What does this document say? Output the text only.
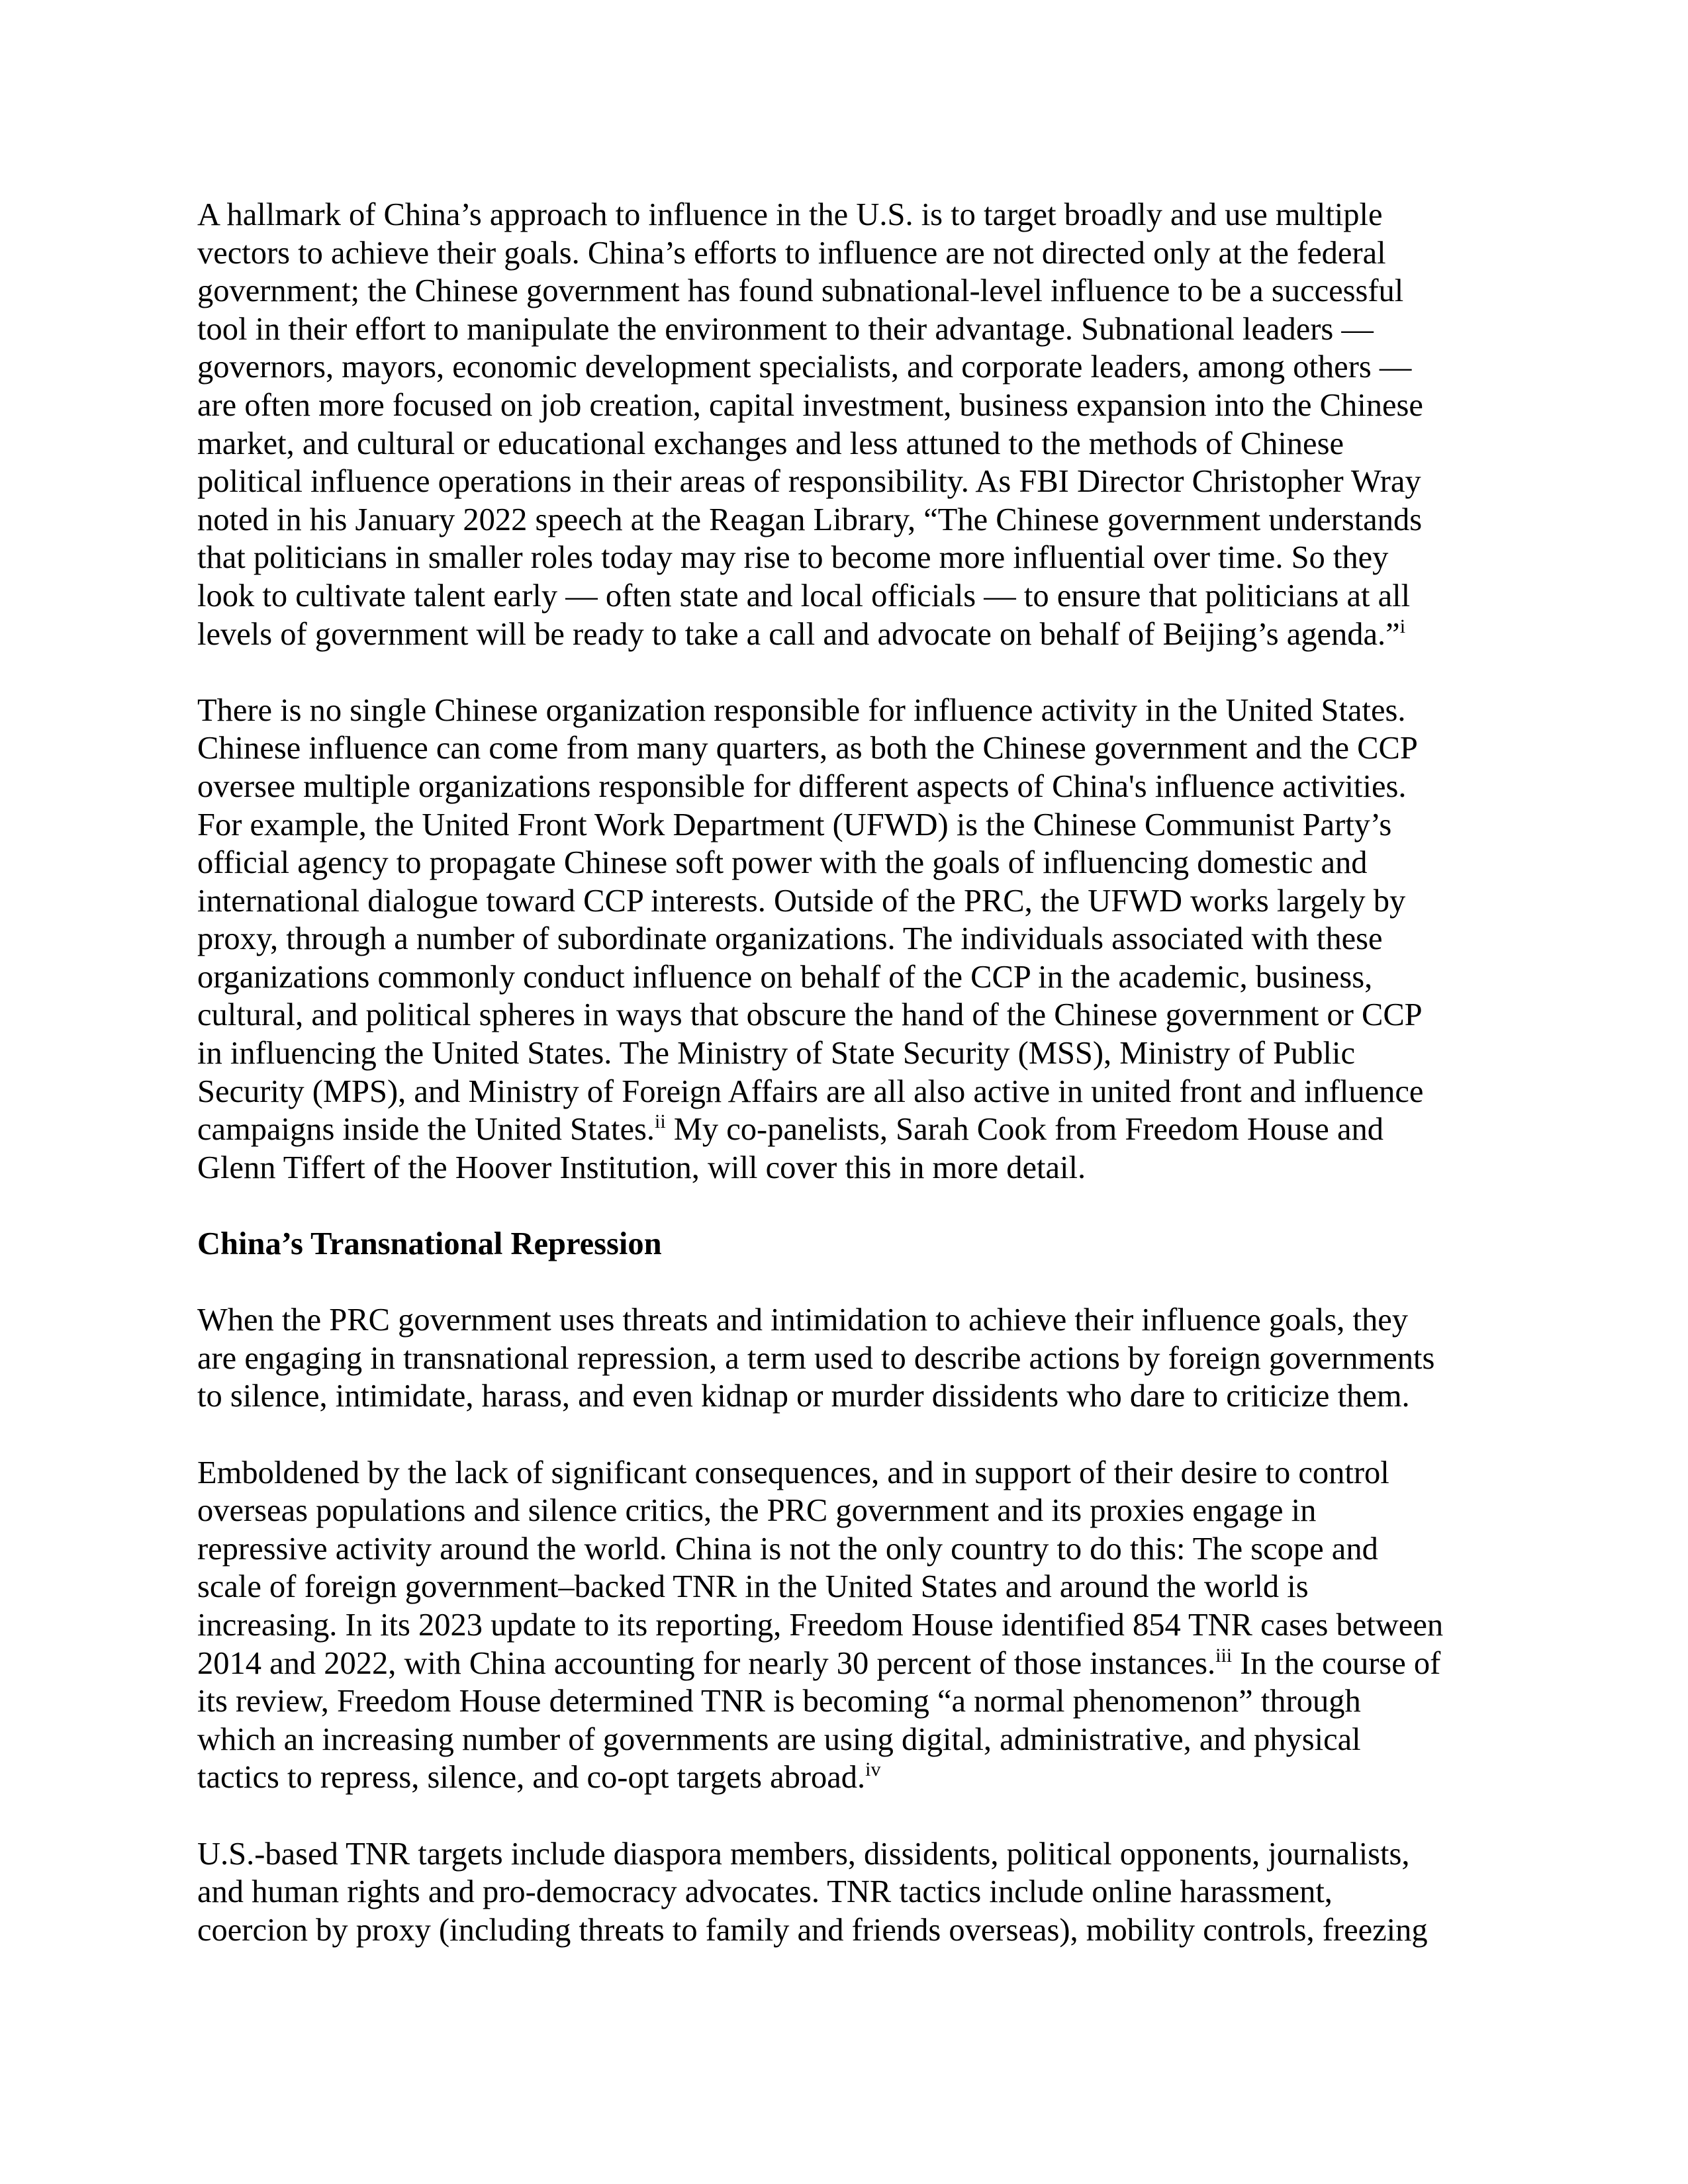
A hallmark of China’s approach to influence in the U.S. is to target broadly and use multiple
vectors to achieve their goals. China’s efforts to influence are not directed only at the federal
government; the Chinese government has found subnational-level influence to be a successful
tool in their effort to manipulate the environment to their advantage. Subnational leaders —
governors, mayors, economic development specialists, and corporate leaders, among others —
are often more focused on job creation, capital investment, business expansion into the Chinese
market, and cultural or educational exchanges and less attuned to the methods of Chinese
political influence operations in their areas of responsibility. As FBI Director Christopher Wray
noted in his January 2022 speech at the Reagan Library, “The Chinese government understands
that politicians in smaller roles today may rise to become more influential over time. So they
look to cultivate talent early — often state and local officials — to ensure that politicians at all
levels of government will be ready to take a call and advocate on behalf of Beijing’s agenda.”$^i$
There is no single Chinese organization responsible for influence activity in the United States.
Chinese influence can come from many quarters, as both the Chinese government and the CCP
oversee multiple organizations responsible for different aspects of China's influence activities.
For example, the United Front Work Department (UFWD) is the Chinese Communist Party’s
official agency to propagate Chinese soft power with the goals of influencing domestic and
international dialogue toward CCP interests. Outside of the PRC, the UFWD works largely by
proxy, through a number of subordinate organizations. The individuals associated with these
organizations commonly conduct influence on behalf of the CCP in the academic, business,
cultural, and political spheres in ways that obscure the hand of the Chinese government or CCP
in influencing the United States. The Ministry of State Security (MSS), Ministry of Public
Security (MPS), and Ministry of Foreign Affairs are all also active in united front and influence
campaigns inside the United States.$^{ii}$ My co-panelists, Sarah Cook from Freedom House and
Glenn Tiffert of the Hoover Institution, will cover this in more detail.
China’s Transnational Repression
When the PRC government uses threats and intimidation to achieve their influence goals, they
are engaging in transnational repression, a term used to describe actions by foreign governments
to silence, intimidate, harass, and even kidnap or murder dissidents who dare to criticize them.
Emboldened by the lack of significant consequences, and in support of their desire to control
overseas populations and silence critics, the PRC government and its proxies engage in
repressive activity around the world. China is not the only country to do this: The scope and
scale of foreign government–backed TNR in the United States and around the world is
increasing. In its 2023 update to its reporting, Freedom House identified 854 TNR cases between
2014 and 2022, with China accounting for nearly 30 percent of those instances.$^{iii}$ In the course of
its review, Freedom House determined TNR is becoming “a normal phenomenon” through
which an increasing number of governments are using digital, administrative, and physical
tactics to repress, silence, and co-opt targets abroad.$^{iv}$
U.S.-based TNR targets include diaspora members, dissidents, political opponents, journalists,
and human rights and pro-democracy advocates. TNR tactics include online harassment,
coercion by proxy (including threats to family and friends overseas), mobility controls, freezing
